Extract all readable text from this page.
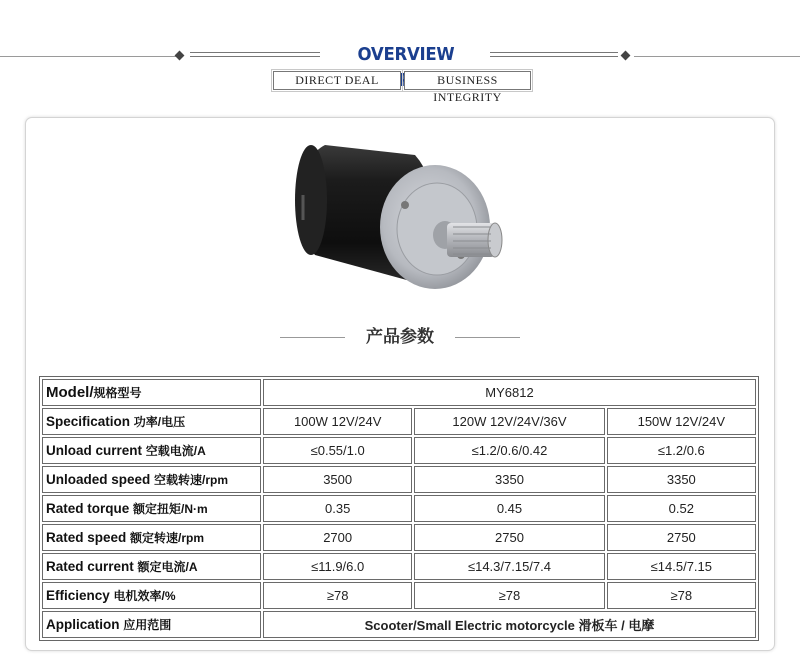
OVERVIEW
DIRECT DEAL	BUSINESS INTEGRITY
产品参数
Model/规格型号	MY6812		
Specification 功率/电压	100W 12V/24V	120W 12V/24V/36V	150W 12V/24V
Unload current 空载电流/A	≤0.55/1.0	≤1.2/0.6/0.42	≤1.2/0.6
Unloaded speed 空载转速/rpm	3500	3350	3350
Rated torque 额定扭矩/N·m	0.35	0.45	0.52
Rated speed 额定转速/rpm	2700	2750	2750
Rated current 额定电流/A	≤11.9/6.0	≤14.3/7.15/7.4	≤14.5/7.15
Efficiency 电机效率/%	≥78	≥78	≥78
Application 应用范围	Scooter/Small Electric motorcycle 滑板车 / 电摩		
